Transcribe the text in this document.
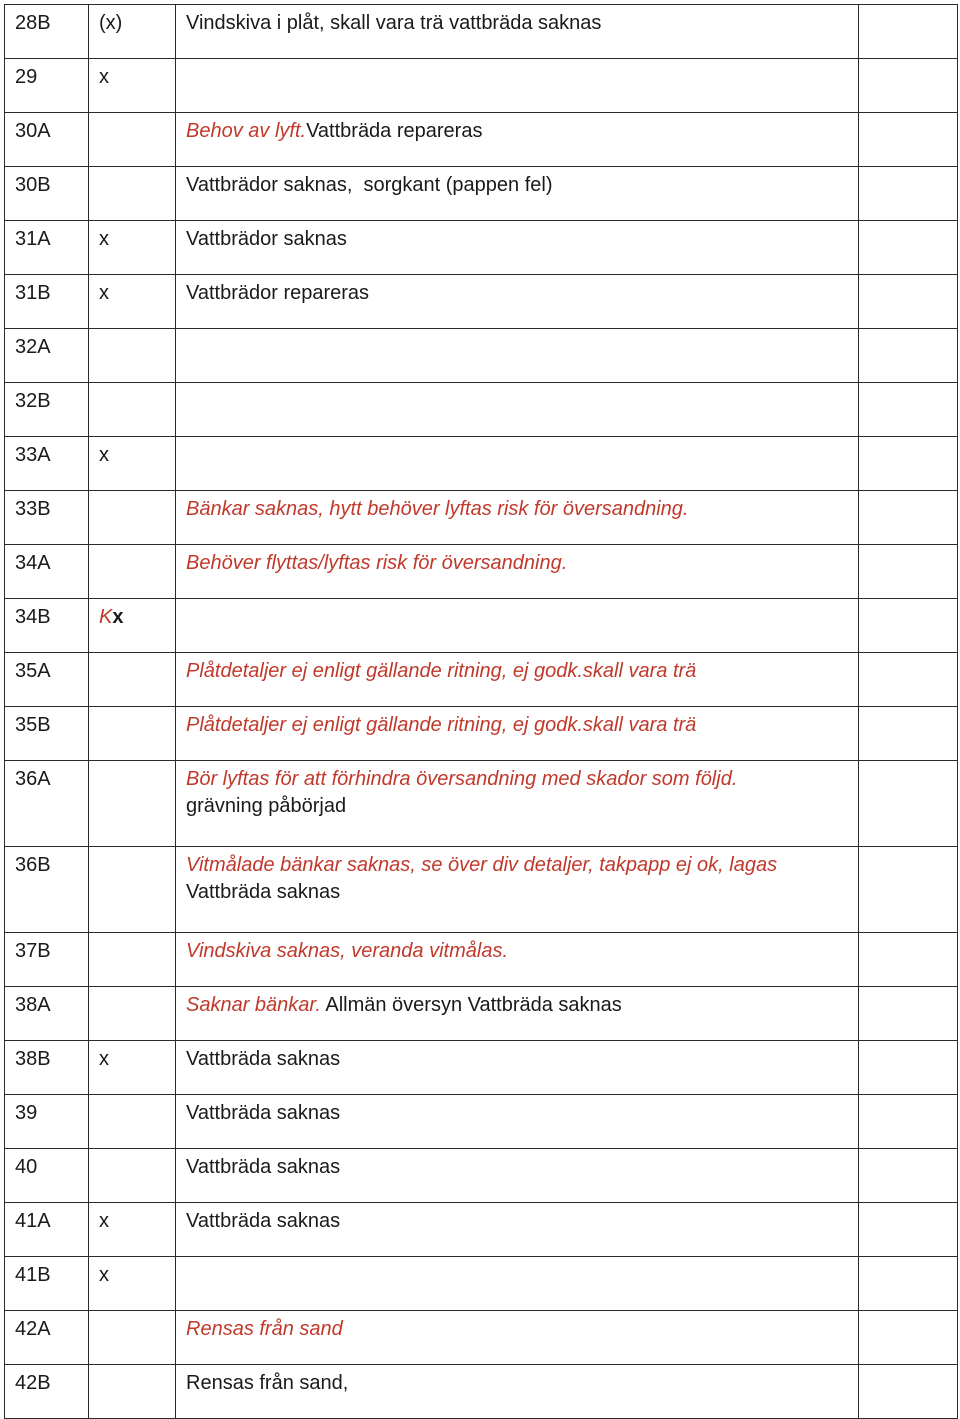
28B	(x)	Vindskiva i plåt, skall vara trä vattbräda saknas	
29	x		
30A		Behov av lyft.Vattbräda repareras	
30B		Vattbrädor saknas,  sorgkant (pappen fel)	
31A	x	Vattbrädor saknas	
31B	x	Vattbrädor repareras	
32A			
32B			
33A	x		
33B		Bänkar saknas, hytt behöver lyftas risk för översandning.	
34A		Behöver flyttas/lyftas risk för översandning.	
34B	Kx		
35A		Plåtdetaljer ej enligt gällande ritning, ej godk.skall vara trä	
35B		Plåtdetaljer ej enligt gällande ritning, ej godk.skall vara trä	
36A		Bör lyftas för att förhindra översandning med skador som följd.
grävning påbörjad	

36B		Vitmålade bänkar saknas, se över div detaljer, takpapp ej ok, lagas
Vattbräda saknas	

37B		Vindskiva saknas, veranda vitmålas.	
38A		Saknar bänkar. Allmän översyn Vattbräda saknas	
38B	x	Vattbräda saknas	
39		Vattbräda saknas	
40		Vattbräda saknas	
41A	x	Vattbräda saknas	
41B	x		
42A		Rensas från sand	
42B		Rensas från sand,	
